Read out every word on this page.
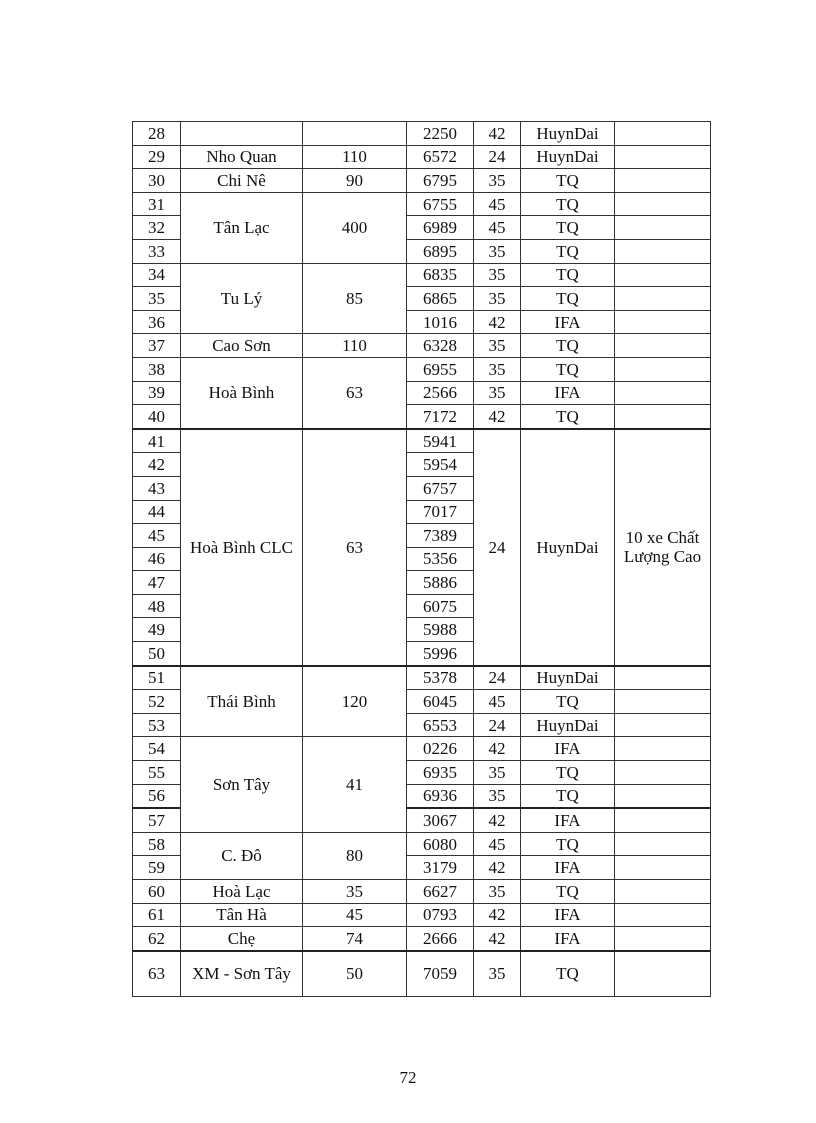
28			2250	42	HuynDai	
29	Nho Quan	110	6572	24	HuynDai	
30	Chi Nê	90	6795	35	TQ	
31	Tân Lạc	400	6755	45	TQ	
32			6989	45	TQ	
33			6895	35	TQ	
34	Tu Lý	85	6835	35	TQ	
35			6865	35	TQ	
36			1016	42	IFA	
37	Cao Sơn	110	6328	35	TQ	
38	Hoà Bình	63	6955	35	TQ	
39			2566	35	IFA	
40			7172	42	TQ	
41	Hoà Bình CLC	63	5941	24	HuynDai	10 xe Chất Lượng Cao
42			5954			
43			6757			
44			7017			
45			7389			
46			5356			
47			5886			
48			6075			
49			5988			
50			5996			
51	Thái Bình	120	5378	24	HuynDai	
52			6045	45	TQ	
53			6553	24	HuynDai	
54	Sơn Tây	41	0226	42	IFA	
55			6935	35	TQ	
56			6936	35	TQ	
57			3067	42	IFA	
58	C. Đô	80	6080	45	TQ	
59			3179	42	IFA	
60	Hoà Lạc	35	6627	35	TQ	
61	Tân Hà	45	0793	42	IFA	
62	Chẹ	74	2666	42	IFA	
63	XM - Sơn Tây	50	7059	35	TQ	
72
